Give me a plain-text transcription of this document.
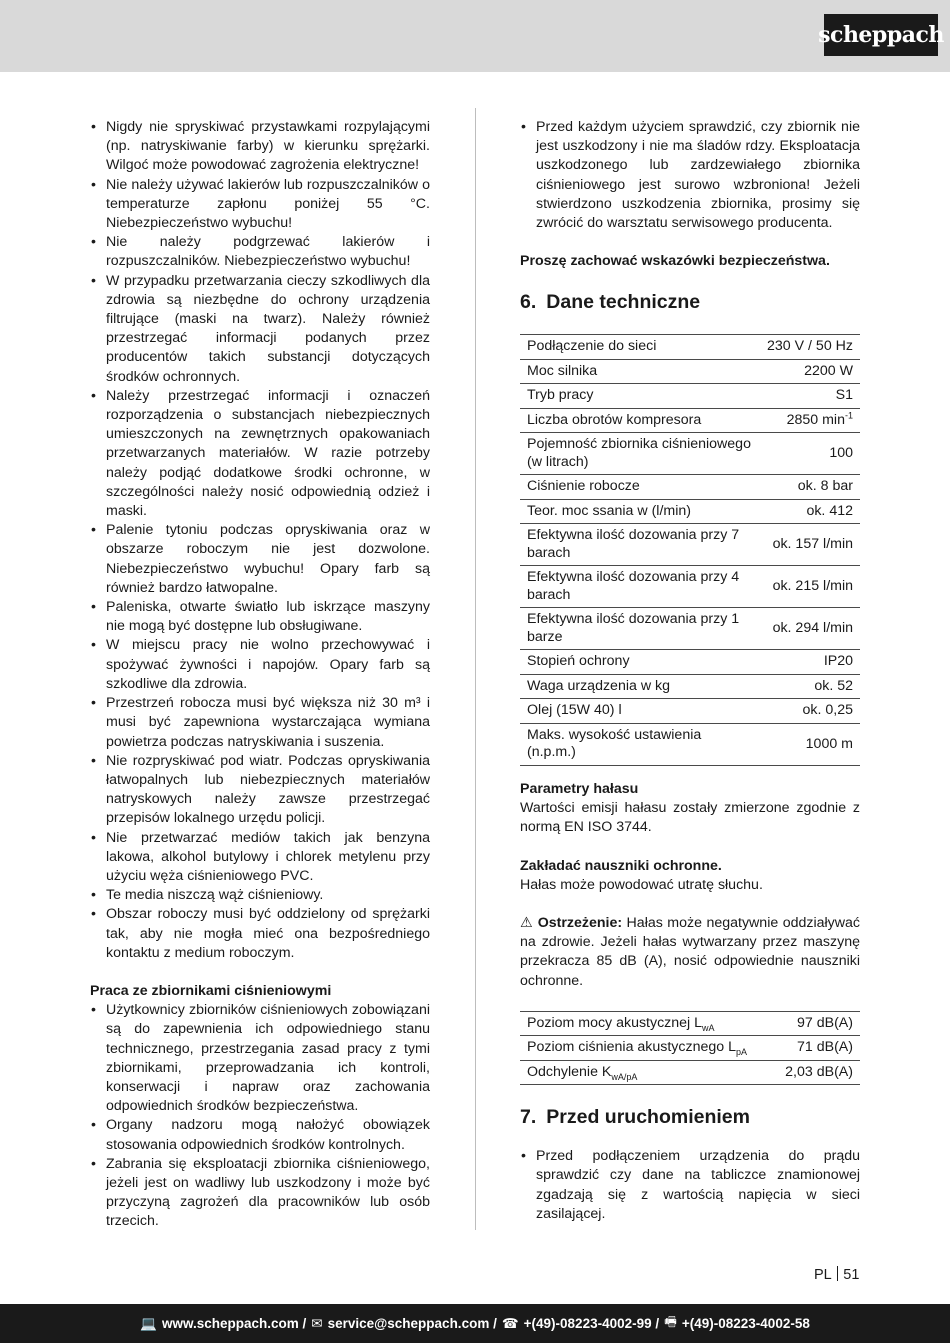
scheppach
• Nigdy nie spryskiwać przystawkami rozpylającymi (np. natryskiwanie farby) w kierunku sprężarki. Wilgoć może powodować zagrożenia elektryczne!
• Nie należy używać lakierów lub rozpuszczalników o temperaturze zapłonu poniżej 55 °C. Niebezpieczeństwo wybuchu!
• Nie należy podgrzewać lakierów i rozpuszczalników. Niebezpieczeństwo wybuchu!
• W przypadku przetwarzania cieczy szkodliwych dla zdrowia są niezbędne do ochrony urządzenia filtrujące (maski na twarz). Należy również przestrzegać informacji podanych przez producentów takich substancji dotyczących środków ochronnych.
• Należy przestrzegać informacji i oznaczeń rozporządzenia o substancjach niebezpiecznych umieszczonych na zewnętrznych opakowaniach przetwarzanych materiałów. W razie potrzeby należy podjąć dodatkowe środki ochronne, w szczególności należy nosić odpowiednią odzież i maski.
• Palenie tytoniu podczas opryskiwania oraz w obszarze roboczym nie jest dozwolone. Niebezpieczeństwo wybuchu! Opary farb są również bardzo łatwopalne.
• Paleniska, otwarte światło lub iskrzące maszyny nie mogą być dostępne lub obsługiwane.
• W miejscu pracy nie wolno przechowywać i spożywać żywności i napojów. Opary farb są szkodliwe dla zdrowia.
• Przestrzeń robocza musi być większa niż 30 m³ i musi być zapewniona wystarczająca wymiana powietrza podczas natryskiwania i suszenia.
• Nie rozpryskiwać pod wiatr. Podczas opryskiwania łatwopalnych lub niebezpiecznych materiałów natryskowych należy zawsze przestrzegać przepisów lokalnego urzędu policji.
• Nie przetwarzać mediów takich jak benzyna lakowa, alkohol butylowy i chlorek metylenu przy użyciu węża ciśnieniowego PVC.
• Te media niszczą wąż ciśnieniowy.
• Obszar roboczy musi być oddzielony od sprężarki tak, aby nie mogła mieć ona bezpośredniego kontaktu z medium roboczym.

Praca ze zbiornikami ciśnieniowymi

• Użytkownicy zbiorników ciśnieniowych zobowiązani są do zapewnienia ich odpowiedniego stanu technicznego, przestrzegania zasad pracy z tymi zbiornikami, przeprowadzania ich kontroli, konserwacji i napraw oraz zachowania odpowiednich środków bezpieczeństwa.
• Organy nadzoru mogą nałożyć obowiązek stosowania odpowiednich środków kontrolnych.
• Zabrania się eksploatacji zbiornika ciśnieniowego, jeżeli jest on wadliwy lub uszkodzony i może być przyczyną zagrożeń dla pracowników lub osób trzecich.
• Przed każdym użyciem sprawdzić, czy zbiornik nie jest uszkodzony i nie ma śladów rdzy. Eksploatacja uszkodzonego lub zardzewiałego zbiornika ciśnieniowego jest surowo wzbroniona! Jeżeli stwierdzono uszkodzenia zbiornika, prosimy się zwrócić do warsztatu serwisowego producenta.

Proszę zachować wskazówki bezpieczeństwa.

6. Dane techniczne

Podłączenie do sieci	230 V / 50 Hz
Moc silnika	2200 W
Tryb pracy	S1
Liczba obrotów kompresora	2850 $\min^{-1}$
Pojemność zbiornika ciśnieniowego (w litrach)	100
Ciśnienie robocze	ok. 8 bar
Teor. moc ssania w (l/min)	ok. 412
Efektywna ilość dozowania przy 7 barach	ok. 157 l/min
Efektywna ilość dozowania przy 4 barach	ok. 215 l/min
Efektywna ilość dozowania przy 1 barze	ok. 294 l/min
Stopień ochrony	IP20
Waga urządzenia w kg	ok. 52
Olej (15W 40) l	ok. 0,25
Maks. wysokość ustawienia (n.p.m.)	1000 m

Parametry hałasu

Wartości emisji hałasu zostały zmierzone zgodnie z normą EN ISO 3744.

Zakładać nauszniki ochronne.

Hałas może powodować utratę słuchu.

⚠ Ostrzeżenie: Hałas może negatywnie oddziaływać na zdrowie. Jeżeli hałas wytwarzany przez maszynę przekracza 85 dB (A), nosić odpowiednie nauszniki ochronne.

Poziom mocy akustycznej $L_{wA}$	97 dB(A)
Poziom ciśnienia akustycznego $L_{pA}$	71 dB(A)
Odchylenie $K_{wA/pA}$	2,03 dB(A)

7. Przed uruchomieniem

• Przed podłączeniem urządzenia do prądu sprawdzić czy dane na tabliczce znamionowej zgadzają się z wartością napięcia w sieci zasilającej.
PL 51
💻 www.scheppach.com / ✉ service@scheppach.com / ☎ +(49)-08223-4002-99 / 🖷 +(49)-08223-4002-58
